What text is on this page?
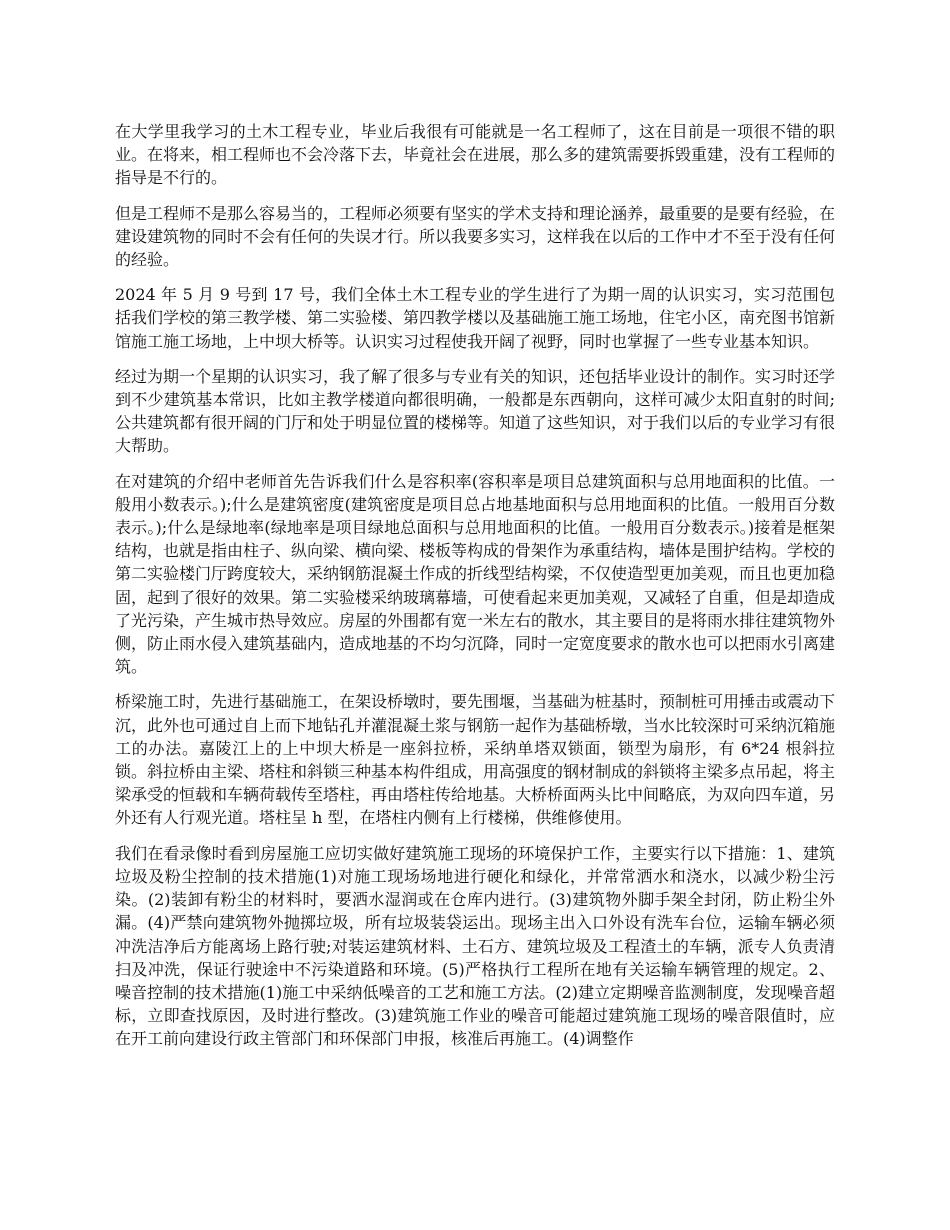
在大学里我学习的土木工程专业，毕业后我很有可能就是一名工程师了，这在目前是一项很不错的职业。在将来，相工程师也不会冷落下去，毕竟社会在进展，那么多的建筑需要拆毁重建，没有工程师的指导是不行的。

但是工程师不是那么容易当的，工程师必须要有坚实的学术支持和理论涵养，最重要的是要有经验，在建设建筑物的同时不会有任何的失误才行。所以我要多实习，这样我在以后的工作中才不至于没有任何的经验。

2024 年 5 月 9 号到 17 号，我们全体土木工程专业的学生进行了为期一周的认识实习，实习范围包括我们学校的第三教学楼、第二实验楼、第四教学楼以及基础施工施工场地，住宅小区，南充图书馆新馆施工施工场地，上中坝大桥等。认识实习过程使我开阔了视野，同时也掌握了一些专业基本知识。

经过为期一个星期的认识实习，我了解了很多与专业有关的知识，还包括毕业设计的制作。实习时还学到不少建筑基本常识，比如主教学楼道向都很明确，一般都是东西朝向，这样可减少太阳直射的时间;公共建筑都有很开阔的门厅和处于明显位置的楼梯等。知道了这些知识，对于我们以后的专业学习有很大帮助。

在对建筑的介绍中老师首先告诉我们什么是容积率(容积率是项目总建筑面积与总用地面积的比值。一般用小数表示。);什么是建筑密度(建筑密度是项目总占地基地面积与总用地面积的比值。一般用百分数表示。);什么是绿地率(绿地率是项目绿地总面积与总用地面积的比值。一般用百分数表示。)接着是框架结构，也就是指由柱子、纵向梁、横向梁、楼板等构成的骨架作为承重结构，墙体是围护结构。学校的第二实验楼门厅跨度较大，采纳钢筋混凝土作成的折线型结构梁，不仅使造型更加美观，而且也更加稳固，起到了很好的效果。第二实验楼采纳玻璃幕墙，可使看起来更加美观，又减轻了自重，但是却造成了光污染，产生城市热导效应。房屋的外围都有宽一米左右的散水，其主要目的是将雨水排往建筑物外侧，防止雨水侵入建筑基础内，造成地基的不均匀沉降，同时一定宽度要求的散水也可以把雨水引离建筑。

桥梁施工时，先进行基础施工，在架设桥墩时，要先围堰，当基础为桩基时，预制桩可用捶击或震动下沉，此外也可通过自上而下地钻孔并灌混凝土浆与钢筋一起作为基础桥墩，当水比较深时可采纳沉箱施工的办法。嘉陵江上的上中坝大桥是一座斜拉桥，采纳单塔双锁面，锁型为扇形，有 6*24 根斜拉锁。斜拉桥由主梁、塔柱和斜锁三种基本构件组成，用高强度的钢材制成的斜锁将主梁多点吊起，将主梁承受的恒载和车辆荷载传至塔柱，再由塔柱传给地基。大桥桥面两头比中间略底，为双向四车道，另外还有人行观光道。塔柱呈 h 型，在塔柱内侧有上行楼梯，供维修使用。

我们在看录像时看到房屋施工应切实做好建筑施工现场的环境保护工作，主要实行以下措施：1、建筑垃圾及粉尘控制的技术措施(1)对施工现场场地进行硬化和绿化，并常常洒水和浇水，以减少粉尘污染。(2)装卸有粉尘的材料时，要洒水湿润或在仓库内进行。(3)建筑物外脚手架全封闭，防止粉尘外漏。(4)严禁向建筑物外抛掷垃圾，所有垃圾装袋运出。现场主出入口外设有洗车台位，运输车辆必须冲洗洁净后方能离场上路行驶;对装运建筑材料、土石方、建筑垃圾及工程渣土的车辆，派专人负责清扫及冲洗，保证行驶途中不污染道路和环境。(5)严格执行工程所在地有关运输车辆管理的规定。2、噪音控制的技术措施(1)施工中采纳低噪音的工艺和施工方法。(2)建立定期噪音监测制度，发现噪音超标，立即查找原因，及时进行整改。(3)建筑施工作业的噪音可能超过建筑施工现场的噪音限值时，应在开工前向建设行政主管部门和环保部门申报，核准后再施工。(4)调整作
